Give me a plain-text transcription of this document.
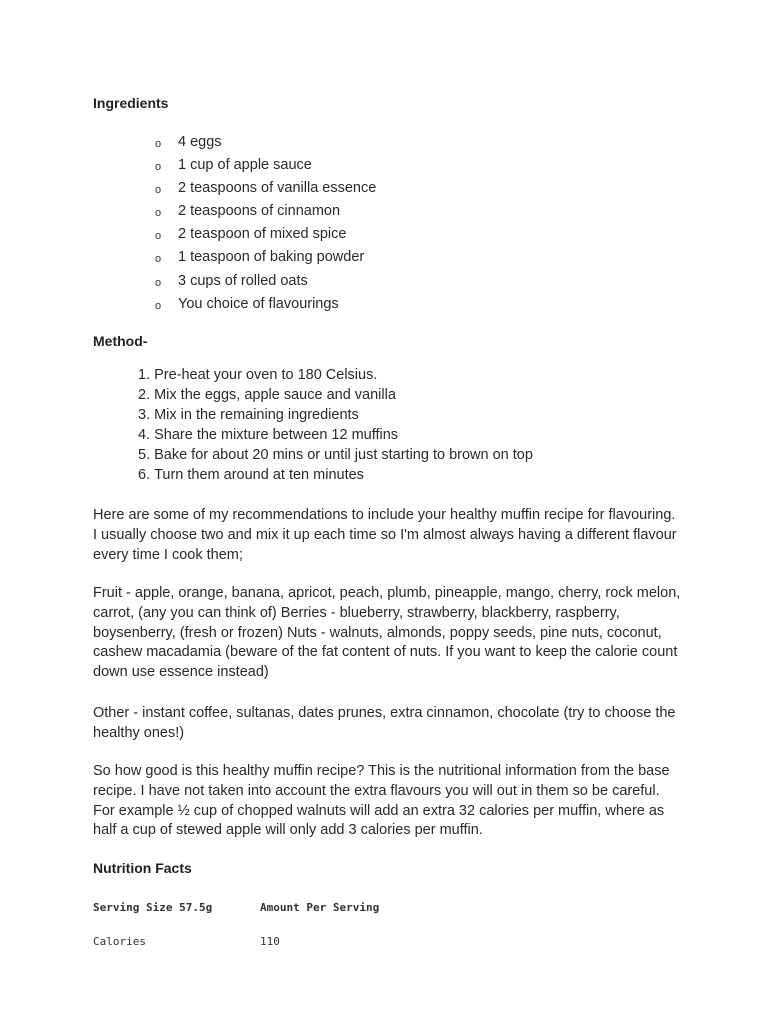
Ingredients
o	4 eggs
o	1 cup of apple sauce
o	2 teaspoons of vanilla essence
o	2 teaspoons of cinnamon
o	2 teaspoon of mixed spice
o	1 teaspoon of baking powder
o	3 cups of rolled oats
o	You choice of flavourings
Method-
1. Pre-heat your oven to 180 Celsius.
2. Mix the eggs, apple sauce and vanilla
3. Mix in the remaining ingredients
4. Share the mixture between 12 muffins
5. Bake for about 20 mins or until just starting to brown on top
6. Turn them around at ten minutes

Here are some of my recommendations to include your healthy muffin recipe for flavouring. I usually choose two and mix it up each time so I'm almost always having a different flavour every time I cook them;

Fruit - apple, orange, banana, apricot, peach, plumb, pineapple, mango, cherry, rock melon, carrot, (any you can think of) Berries - blueberry, strawberry, blackberry, raspberry, boysenberry, (fresh or frozen) Nuts - walnuts, almonds, poppy seeds, pine nuts, coconut, cashew macadamia (beware of the fat content of nuts. If you want to keep the calorie count down use essence instead)

Other - instant coffee, sultanas, dates prunes, extra cinnamon, chocolate (try to choose the healthy ones!)

So how good is this healthy muffin recipe? This is the nutritional information from the base recipe. I have not taken into account the extra flavours you will out in them so be careful. For example ½ cup of chopped walnuts will add an extra 32 calories per muffin, where as half a cup of stewed apple will only add 3 calories per muffin.

Nutrition Facts
Serving Size 57.5g	Amount Per Serving
Calories	110
